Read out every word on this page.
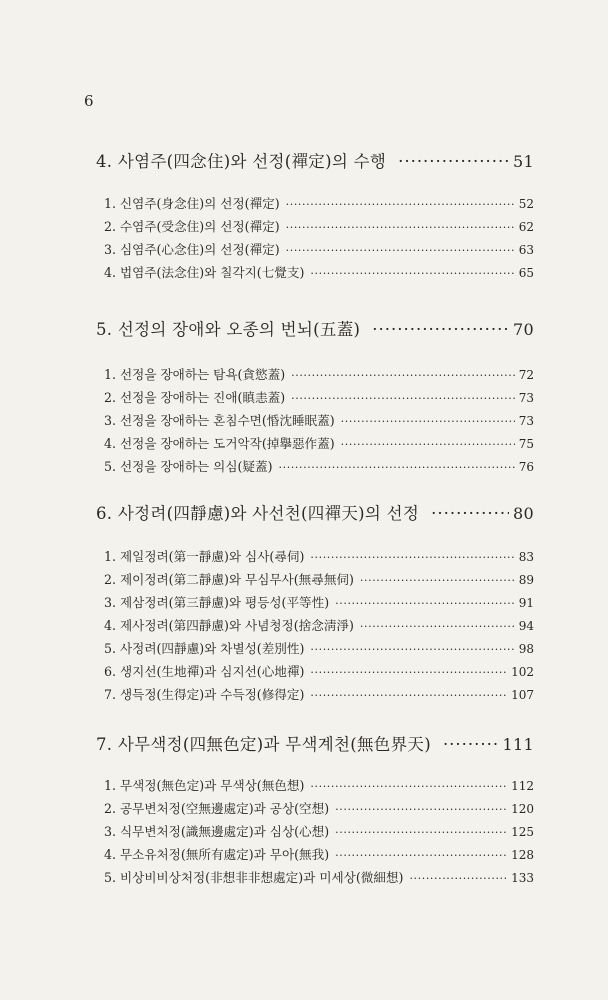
6
4. 사염주(四念住)와 선정(禪定)의 수행 ·····	51
1. 신염주(身念住)의 선정(禪定) ·····	52
2. 수염주(受念住)의 선정(禪定) ·····	62
3. 심염주(心念住)의 선정(禪定) ·····	63
4. 법염주(法念住)와 칠각지(七覺支) ·····	65
5. 선정의 장애와 오종의 번뇌(五蓋) ·····	70
1. 선정을 장애하는 탐욕(貪慾蓋) ·····	72
2. 선정을 장애하는 진애(瞋恚蓋) ·····	73
3. 선정을 장애하는 혼침수면(惛沈睡眠蓋) ·····	73
4. 선정을 장애하는 도거악작(掉擧惡作蓋) ·····	75
5. 선정을 장애하는 의심(疑蓋) ·····	76
6. 사정려(四靜慮)와 사선천(四禪天)의 선정 ·····	80
1. 제일정려(第一靜慮)와 심사(尋伺) ·····	83
2. 제이정려(第二靜慮)와 무심무사(無尋無伺) ·····	89
3. 제삼정려(第三靜慮)와 평등성(平等性) ·····	91
4. 제사정려(第四靜慮)와 사념청정(捨念淸淨) ·····	94
5. 사정려(四靜慮)와 차별성(差別性) ·····	98
6. 생지선(生地禪)과 심지선(心地禪) ·····	102
7. 생득정(生得定)과 수득정(修得定) ·····	107
7. 사무색정(四無色定)과 무색계천(無色界天) ·····	111
1. 무색정(無色定)과 무색상(無色想) ·····	112
2. 공무변처정(空無邊處定)과 공상(空想) ·····	120
3. 식무변처정(識無邊處定)과 심상(心想) ·····	125
4. 무소유처정(無所有處定)과 무아(無我) ·····	128
5. 비상비비상처정(非想非非想處定)과 미세상(微細想) ·····	133
